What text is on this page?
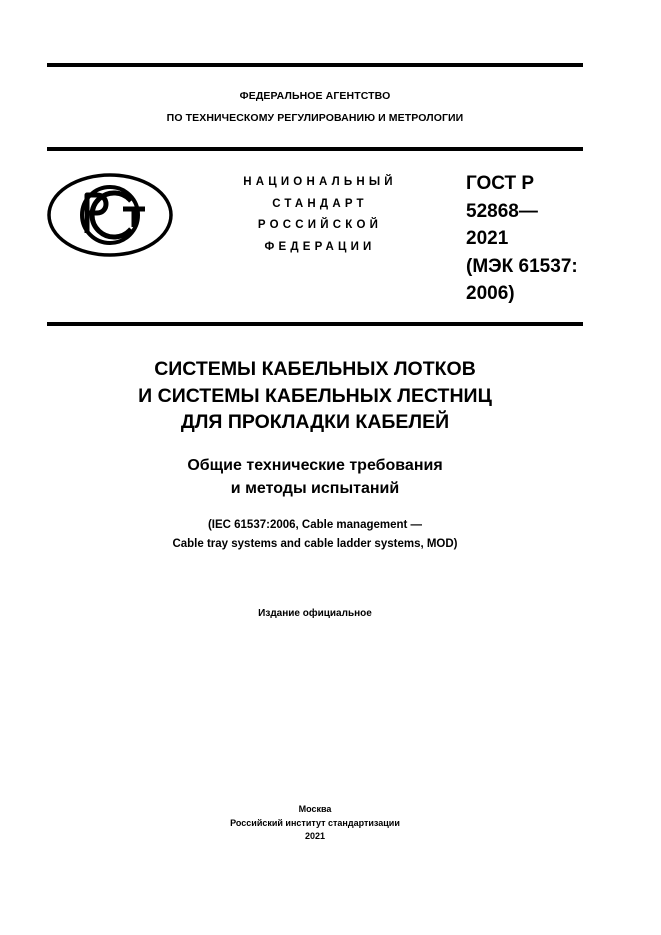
ФЕДЕРАЛЬНОЕ АГЕНТСТВО
ПО ТЕХНИЧЕСКОМУ РЕГУЛИРОВАНИЮ И МЕТРОЛОГИИ
НАЦИОНАЛЬНЫЙ
СТАНДАРТ
РОССИЙСКОЙ
ФЕДЕРАЦИИ
ГОСТ Р
52868—
2021
(МЭК 61537:
2006)
СИСТЕМЫ КАБЕЛЬНЫХ ЛОТКОВ
И СИСТЕМЫ КАБЕЛЬНЫХ ЛЕСТНИЦ
ДЛЯ ПРОКЛАДКИ КАБЕЛЕЙ
Общие технические требования
и методы испытаний
(IEC 61537:2006, Cable management —
Cable tray systems and cable ladder systems, MOD)
Издание официальное
Москва
Российский институт стандартизации
2021
